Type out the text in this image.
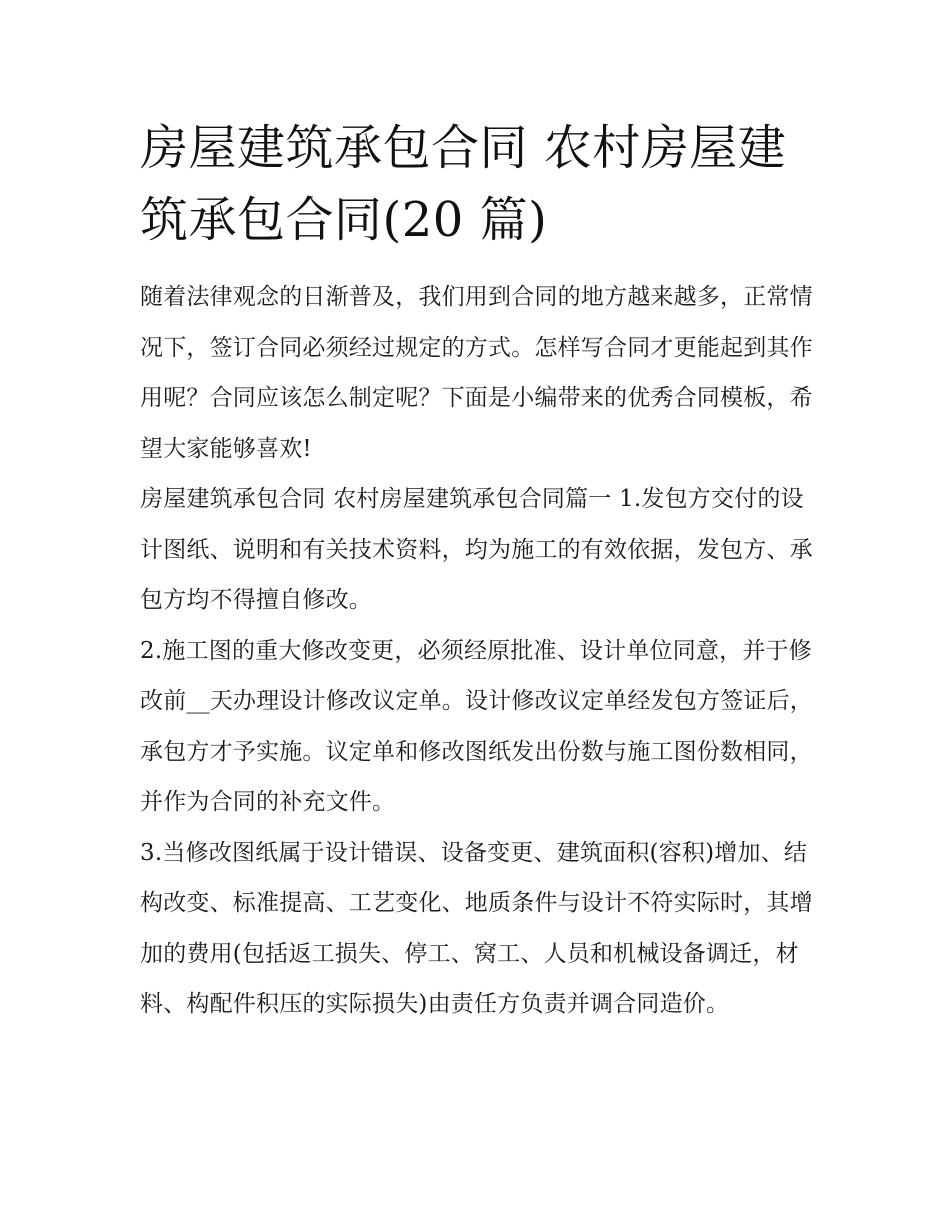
房屋建筑承包合同 农村房屋建筑承包合同(20 篇)

随着法律观念的日渐普及，我们用到合同的地方越来越多，正常情况下，签订合同必须经过规定的方式。怎样写合同才更能起到其作用呢？合同应该怎么制定呢？下面是小编带来的优秀合同模板，希望大家能够喜欢!

房屋建筑承包合同 农村房屋建筑承包合同篇一 1.发包方交付的设计图纸、说明和有关技术资料，均为施工的有效依据，发包方、承包方均不得擅自修改。

2.施工图的重大修改变更，必须经原批准、设计单位同意，并于修改前__天办理设计修改议定单。设计修改议定单经发包方签证后，承包方才予实施。议定单和修改图纸发出份数与施工图份数相同，并作为合同的补充文件。

3.当修改图纸属于设计错误、设备变更、建筑面积(容积)增加、结构改变、标准提高、工艺变化、地质条件与设计不符实际时，其增加的费用(包括返工损失、停工、窝工、人员和机械设备调迁，材料、构配件积压的实际损失)由责任方负责并调合同造价。
